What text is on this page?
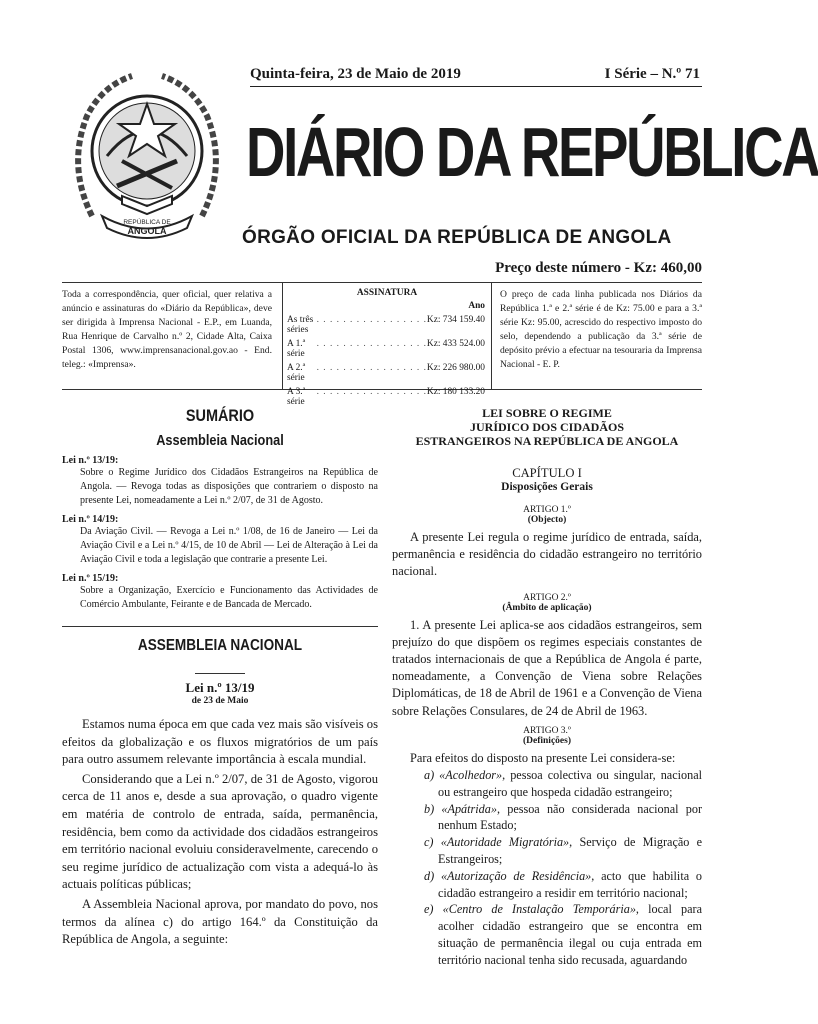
REPÚBLICA DE
ANGOLA
Quinta-feira, 23 de Maio de 2019	I Série – N.º 71
DIÁRIO DA REPÚBLICA
ÓRGÃO OFICIAL DA REPÚBLICA DE ANGOLA
Preço deste número - Kz: 460,00
Toda a correspondência, quer oficial, quer relativa a anúncio e assinaturas do «Diário da República», deve ser dirigida à Imprensa Nacional - E.P., em Luanda, Rua Henrique de Carvalho n.º 2, Cidade Alta, Caixa Postal 1306, www.imprensanacional.gov.ao - End. teleg.: «Imprensa».
ASSINATURA
Ano
As três séries
. . . . . . . . . . . . . . . . . Kz: 734 159.40
A 1.ª série
. . . . . . . . . . . . . . . . . Kz: 433 524.00
A 2.ª série
. . . . . . . . . . . . . . . . . Kz: 226 980.00
A 3.ª série
. . . . . . . . . . . . . . . . . Kz: 180 133.20
O preço de cada linha publicada nos Diários da República 1.ª e 2.ª série é de Kz: 75.00 e para a 3.ª série Kz: 95.00, acrescido do respectivo imposto do selo, dependendo a publicação da 3.ª série de depósito prévio a efectuar na tesouraria da Imprensa Nacional - E. P.
SUMÁRIO
Assembleia Nacional
Lei n.º 13/19:
Sobre o Regime Jurídico dos Cidadãos Estrangeiros na República de Angola. — Revoga todas as disposições que contrariem o disposto na presente Lei, nomeadamente a Lei n.º 2/07, de 31 de Agosto.
Lei n.º 14/19:
Da Aviação Civil. — Revoga a Lei n.º 1/08, de 16 de Janeiro — Lei da Aviação Civil e a Lei n.º 4/15, de 10 de Abril — Lei de Alteração à Lei da Aviação Civil e toda a legislação que contrarie a presente Lei.
Lei n.º 15/19:
Sobre a Organização, Exercício e Funcionamento das Actividades de Comércio Ambulante, Feirante e de Bancada de Mercado.
ASSEMBLEIA NACIONAL
Lei n.º 13/19
de 23 de Maio
Estamos numa época em que cada vez mais são visíveis os efeitos da globalização e os fluxos migratórios de um país para outro assumem relevante importância à escala mundial.
Considerando que a Lei n.º 2/07, de 31 de Agosto, vigorou cerca de 11 anos e, desde a sua aprovação, o quadro vigente em matéria de controlo de entrada, saída, permanência, residência, bem como da actividade dos cidadãos estrangeiros em território nacional evoluiu consideravelmente, carecendo o seu regime jurídico de actualização com vista a adequá-lo às actuais políticas públicas;
A Assembleia Nacional aprova, por mandato do povo, nos termos da alínea c) do artigo 164.º da Constituição da República de Angola, a seguinte:
LEI SOBRE O REGIME
JURÍDICO DOS CIDADÃOS
ESTRANGEIROS NA REPÚBLICA DE ANGOLA
CAPÍTULO I
Disposições Gerais
ARTIGO 1.º
(Objecto)
A presente Lei regula o regime jurídico de entrada, saída, permanência e residência do cidadão estrangeiro no território nacional.
ARTIGO 2.º
(Âmbito de aplicação)
1. A presente Lei aplica-se aos cidadãos estrangeiros, sem prejuízo do que dispõem os regimes especiais constantes de tratados internacionais de que a República de Angola é parte, nomeadamente, a Convenção de Viena sobre Relações Diplomáticas, de 18 de Abril de 1961 e a Convenção de Viena sobre Relações Consulares, de 24 de Abril de 1963.
ARTIGO 3.º
(Definições)
Para efeitos do disposto na presente Lei considera-se:
a) «Acolhedor», pessoa colectiva ou singular, nacional ou estrangeiro que hospeda cidadão estrangeiro;
b) «Apátrida», pessoa não considerada nacional por nenhum Estado;
c) «Autoridade Migratória», Serviço de Migração e Estrangeiros;
d) «Autorização de Residência», acto que habilita o cidadão estrangeiro a residir em território nacional;
e) «Centro de Instalação Temporária», local para acolher cidadão estrangeiro que se encontra em situação de permanência ilegal ou cuja entrada em território nacional tenha sido recusada, aguardando
